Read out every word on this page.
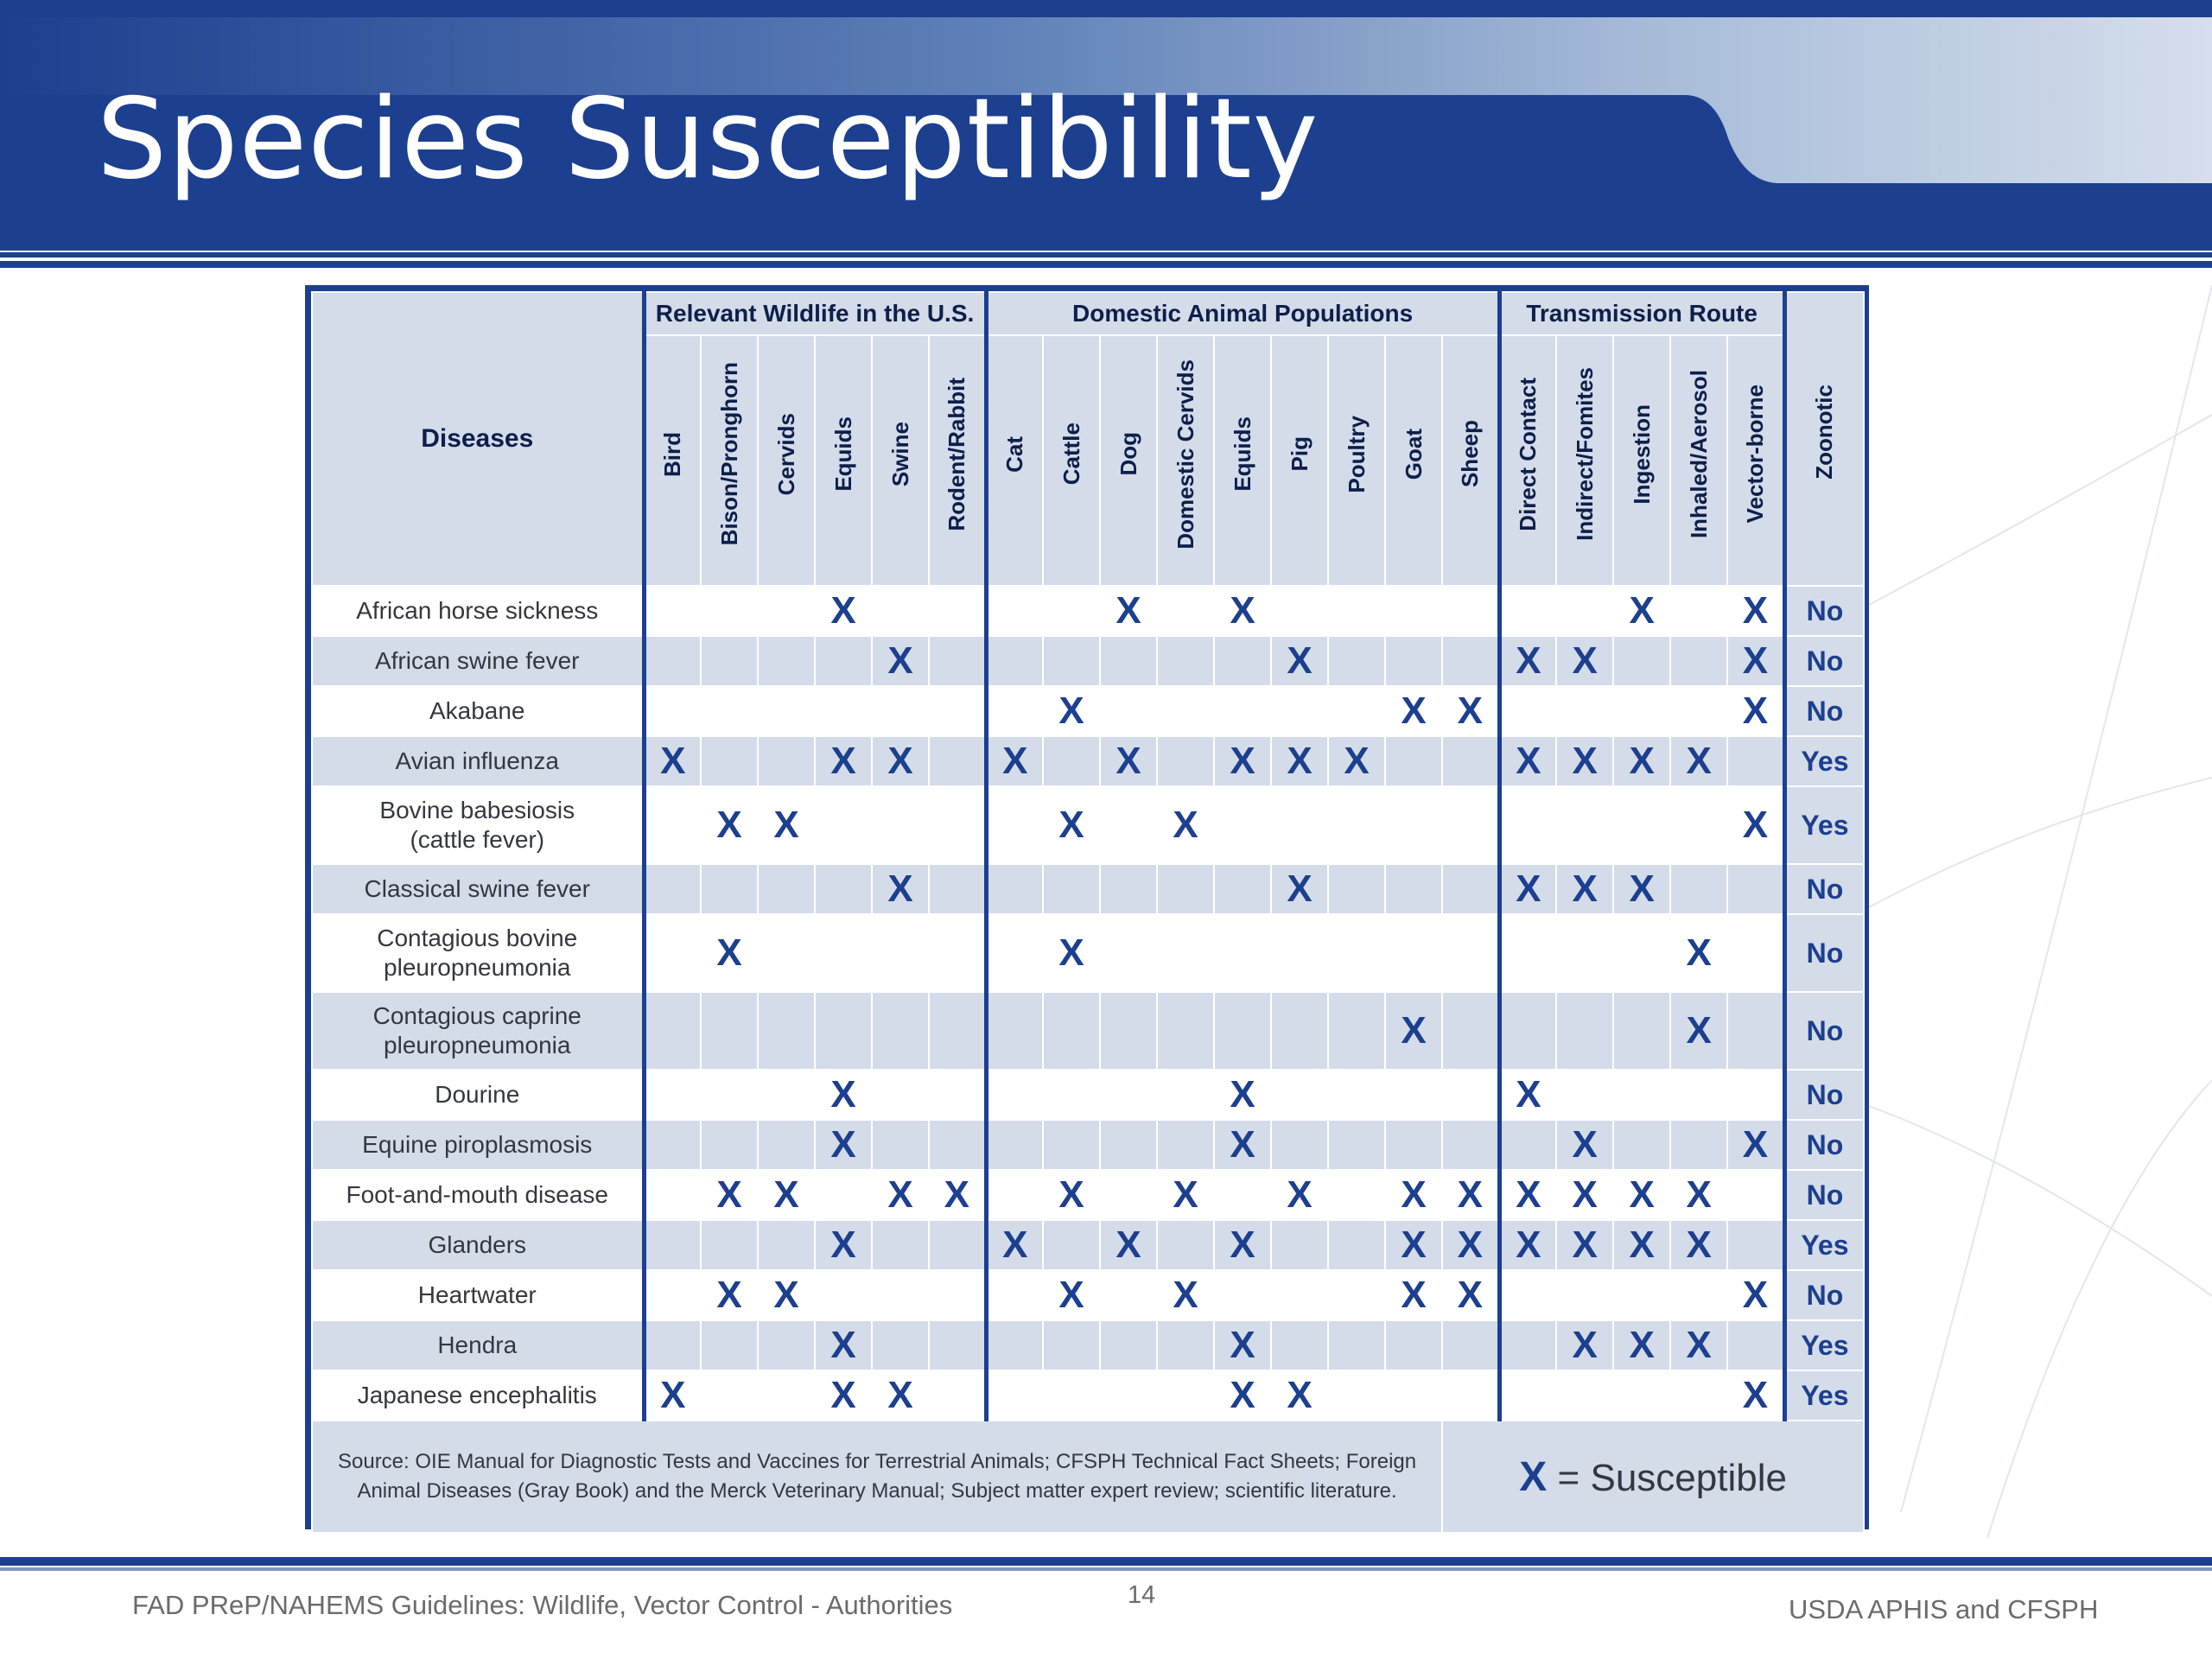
Species Susceptibility
Diseases	Relevant Wildlife in the U.S.						Domestic Animal Populations									Transmission Route					Zoonotic
	Bird	Bison/Pronghorn	Cervids	Equids	Swine	Rodent/Rabbit	Cat	Cattle	Dog	Domestic Cervids	Equids	Pig	Poultry	Goat	Sheep	Direct Contact	Indirect/Fomites	Ingestion	Inhaled/Aerosol	Vector-borne	
African horse sickness				X					X		X							X		X	No
African swine fever					X							X				X	X			X	No
Akabane								X						X	X					X	No
Avian influenza	X			X	X		X		X		X	X	X			X	X	X	X		Yes
Bovine babesiosis
(cattle fever)		X	X					X		X										X	Yes
Classical swine fever					X							X				X	X	X			No
Contagious bovine
pleuropneumonia		X						X											X		No
Contagious caprine
pleuropneumonia														X					X		No
Dourine				X							X					X					No
Equine piroplasmosis				X							X						X			X	No
Foot-and-mouth disease		X	X		X	X		X		X		X		X	X	X	X	X	X		No
Glanders				X			X		X		X			X	X	X	X	X	X		Yes
Heartwater		X	X					X		X				X	X					X	No
Hendra				X							X						X	X	X		Yes
Japanese encephalitis	X			X	X						X	X								X	Yes
Source: OIE Manual for Diagnostic Tests and Vaccines for Terrestrial Animals; CFSPH Technical Fact Sheets; Foreign Animal Diseases (Gray Book) and the Merck Veterinary Manual; Subject matter expert review; scientific literature.															X = Susceptible						
FAD PReP/NAHEMS Guidelines: Wildlife, Vector Control - Authorities	14	USDA APHIS and CFSPH
